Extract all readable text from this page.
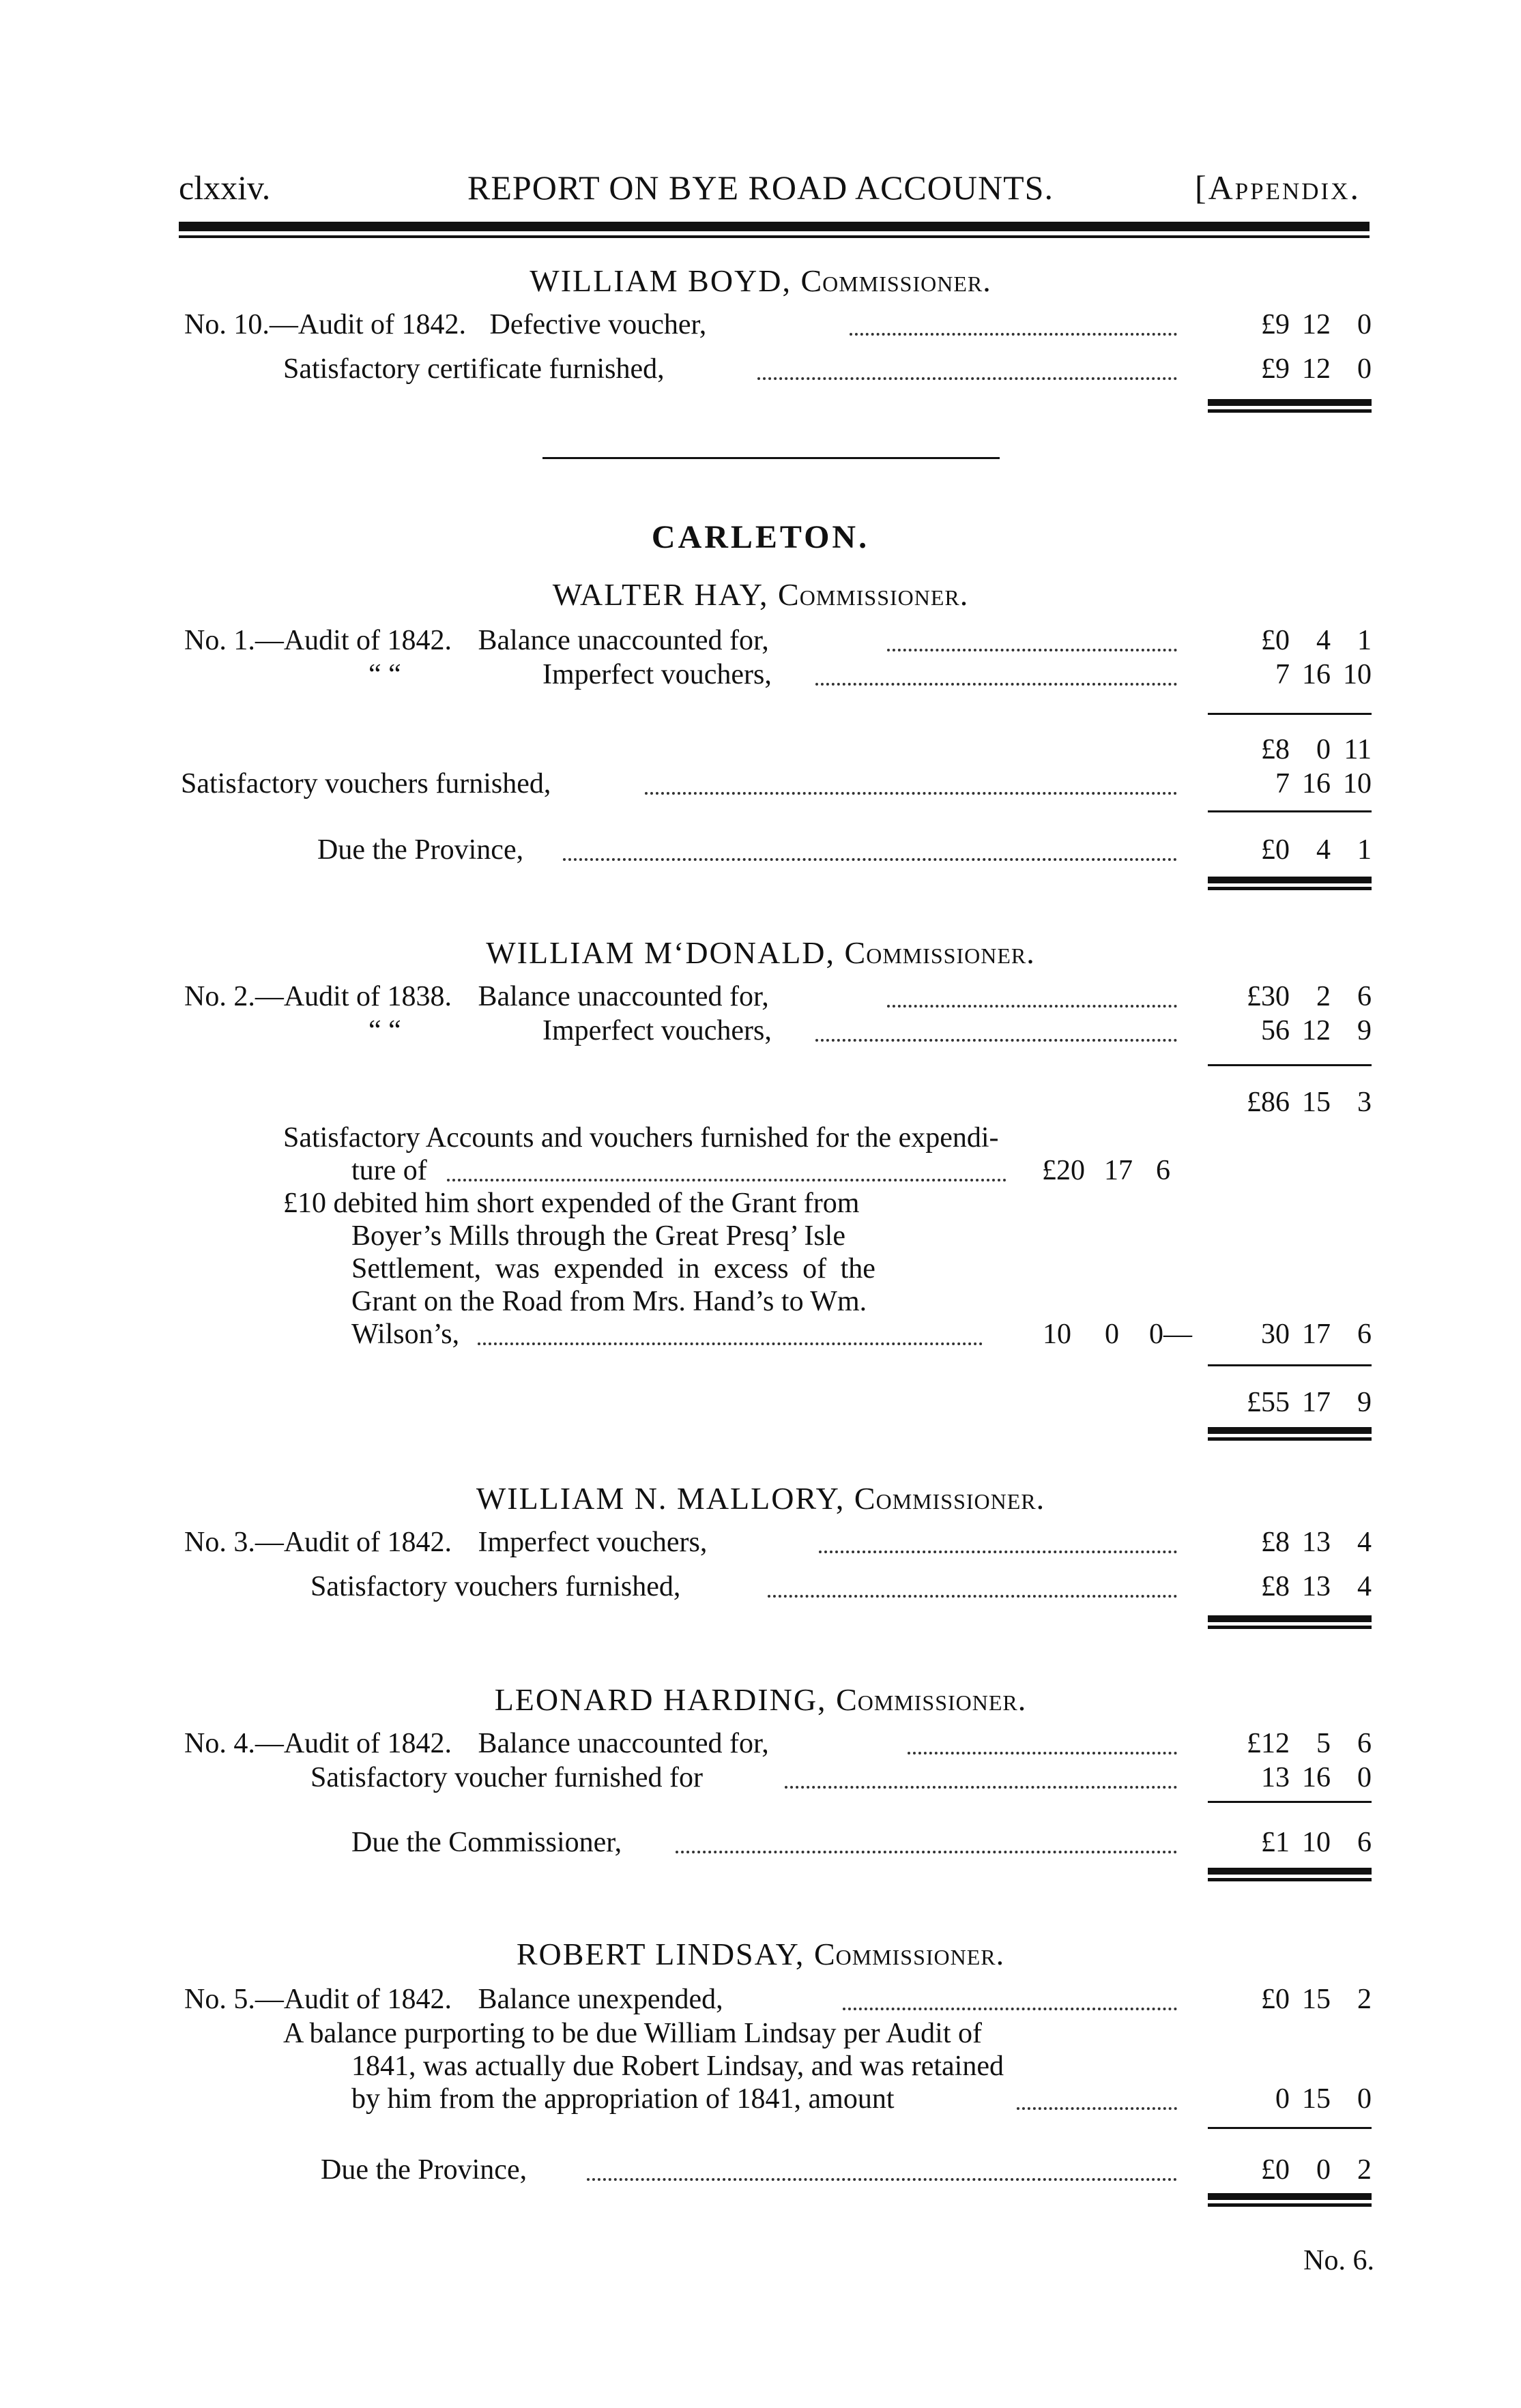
clxxiv.	REPORT ON BYE ROAD ACCOUNTS.	[Appendix.
WILLIAM BOYD, Commissioner.
No. 10.—Audit of 1842. Defective voucher,	£9 12 0
Satisfactory certificate furnished,	£9 12 0
CARLETON.
WALTER HAY, Commissioner.
No. 1.—Audit of 1842. Balance unaccounted for,	£0 4 1
“ “	Imperfect vouchers,	7 16 10
£8 0 11
Satisfactory vouchers furnished,	7 16 10
Due the Province,	£0 4 1
WILLIAM M‘DONALD, Commissioner.
No. 2.—Audit of 1838. Balance unaccounted for,	£30 2 6
“ “	Imperfect vouchers,	56 12 9
£86 15 3
Satisfactory Accounts and vouchers furnished for the expendi-
ture of	£20 17 6
£10 debited him short expended of the Grant from
Boyer’s Mills through the Great Presq’ Isle
Settlement, was expended in excess of the
Grant on the Road from Mrs. Hand’s to Wm.
Wilson’s,	10	0	0—	30 17 6
£55 17 9
WILLIAM N. MALLORY, Commissioner.
No. 3.—Audit of 1842. Imperfect vouchers,	£8 13 4
Satisfactory vouchers furnished,	£8 13 4
LEONARD HARDING, Commissioner.
No. 4.—Audit of 1842. Balance unaccounted for,	£12 5 6
Satisfactory voucher furnished for	13 16 0
Due the Commissioner,	£1 10 6
ROBERT LINDSAY, Commissioner.
No. 5.—Audit of 1842. Balance unexpended,	£0 15 2
A balance purporting to be due William Lindsay per Audit of
1841, was actually due Robert Lindsay, and was retained
by him from the appropriation of 1841, amount	0 15 0
Due the Province,	£0 0 2
No. 6.
